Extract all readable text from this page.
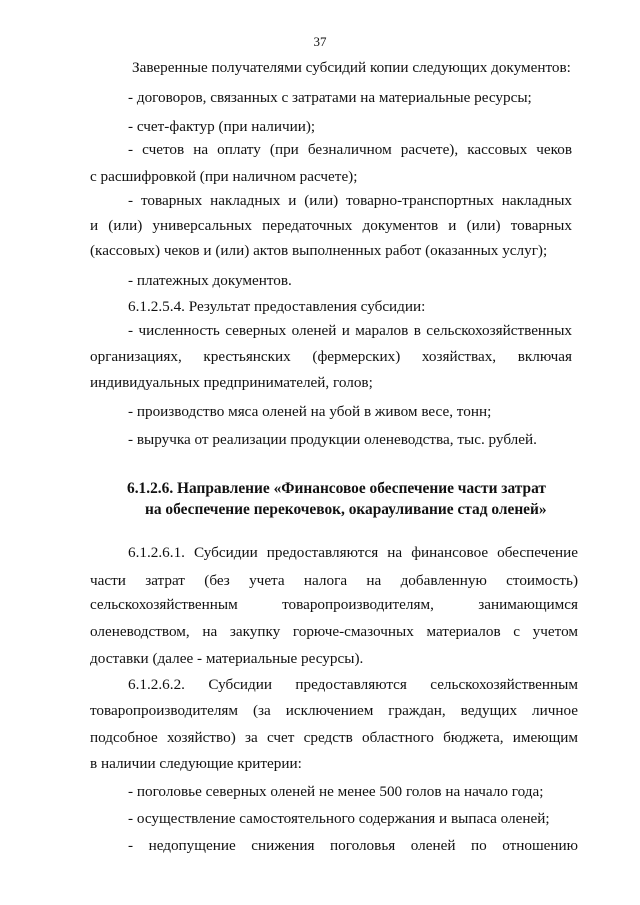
37
Заверенные получателями субсидий копии следующих документов:
- договоров, связанных с затратами на материальные ресурсы;
- счет-фактур (при наличии);
- счетов на оплату (при безналичном расчете), кассовых чеков
с расшифровкой (при наличном расчете);
- товарных накладных и (или) товарно-транспортных накладных
и (или) универсальных передаточных документов и (или) товарных
(кассовых) чеков и (или) актов выполненных работ (оказанных услуг);
- платежных документов.
6.1.2.5.4. Результат предоставления субсидии:
- численность северных оленей и маралов в сельскохозяйственных
организациях, крестьянских (фермерских) хозяйствах, включая
индивидуальных предпринимателей, голов;
- производство мяса оленей на убой в живом весе, тонн;
- выручка от реализации продукции оленеводства, тыс. рублей.
6.1.2.6. Направление «Финансовое обеспечение части затрат
на обеспечение перекочевок, окарауливание стад оленей»
6.1.2.6.1. Субсидии предоставляются на финансовое обеспечение
части затрат (без учета налога на добавленную стоимость)
сельскохозяйственным товаропроизводителям, занимающимся
оленеводством, на закупку горюче-смазочных материалов с учетом
доставки (далее - материальные ресурсы).
6.1.2.6.2. Субсидии предоставляются сельскохозяйственным
товаропроизводителям (за исключением граждан, ведущих личное
подсобное хозяйство) за счет средств областного бюджета, имеющим
в наличии следующие критерии:
- поголовье северных оленей не менее 500 голов на начало года;
- осуществление самостоятельного содержания и выпаса оленей;
- недопущение снижения поголовья оленей по отношению
